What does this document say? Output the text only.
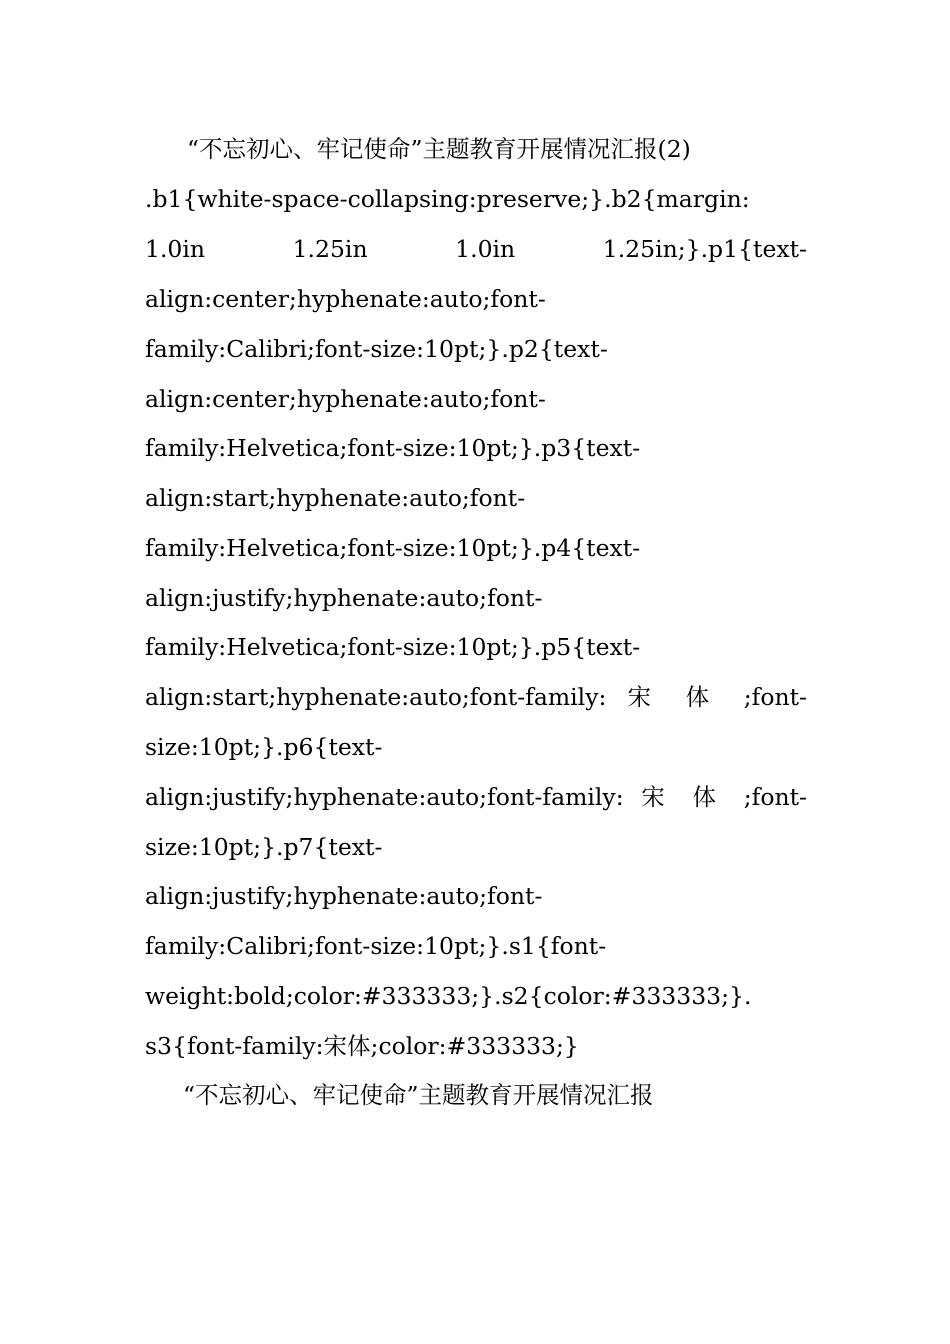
“不忘初心、牢记使命”主题教育开展情况汇报(2)
.b1{white-space-collapsing:preserve;}.b2{margin:
1.0in 1.25in 1.0in 1.25in;}.p1{text-
align:center;hyphenate:auto;font-
family:Calibri;font-size:10pt;}.p2{text-
align:center;hyphenate:auto;font-
family:Helvetica;font-size:10pt;}.p3{text-
align:start;hyphenate:auto;font-
family:Helvetica;font-size:10pt;}.p4{text-
align:justify;hyphenate:auto;font-
family:Helvetica;font-size:10pt;}.p5{text-
align:start;hyphenate:auto;font-family: 宋 体 ;font-
size:10pt;}.p6{text-
align:justify;hyphenate:auto;font-family: 宋 体 ;font-
size:10pt;}.p7{text-
align:justify;hyphenate:auto;font-
family:Calibri;font-size:10pt;}.s1{font-
weight:bold;color:#333333;}.s2{color:#333333;}.
s3{font-family:宋体;color:#333333;}
“不忘初心、牢记使命”主题教育开展情况汇报
